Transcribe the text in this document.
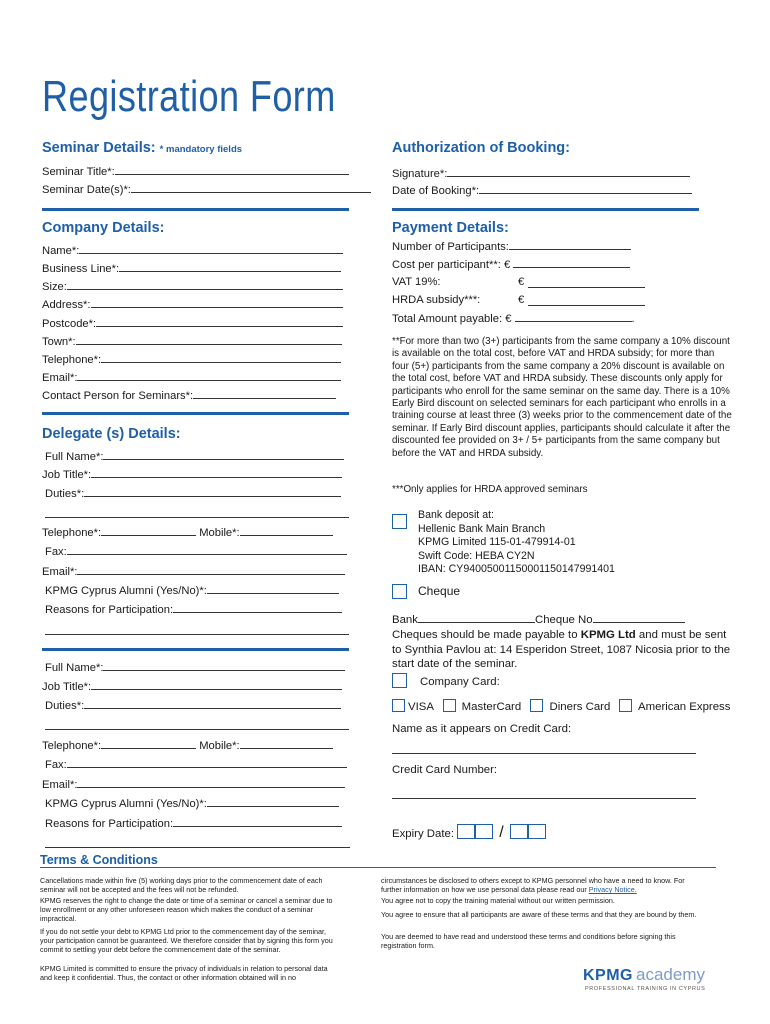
Registration Form
Seminar Details: * mandatory fields
Seminar Title*:
Seminar Date(s)*:
Authorization of Booking:
Signature*:
Date of Booking*:
Company Details:
Name*:
Business Line*:
Size:
Address*:
Postcode*:
Town*:
Telephone*:
Email*:
Contact Person for Seminars*:
Delegate (s) Details:
Full Name*:
Job Title*:
Duties*:
Telephone*:	Mobile*:
Fax:
Email*:
KPMG Cyprus Alumni (Yes/No)*:
Reasons for Participation:
Full Name*:
Job Title*:
Duties*:
Telephone*:	Mobile*:
Fax:
Email*:
KPMG Cyprus Alumni (Yes/No)*:
Reasons for Participation:
Payment Details:
Number of Participants:
Cost per participant**: €
VAT 19%:	€
HRDA subsidy***:	€
Total Amount payable: €	.
**For more than two (3+) participants from the same company a 10% discount is available on the total cost, before VAT and HRDA subsidy; for more than four (5+) participants from the same company a 20% discount is available on the total cost, before VAT and HRDA subsidy. These discounts only apply for participants who enroll for the same seminar on the same day. There is a 10% Early Bird discount on selected seminars for each participant who enrolls in a training course at least three (3) weeks prior to the commencement date of the seminar. If Early Bird discount applies, participants should calculate it after the discounted fee provided on 3+ / 5+ participants from the same company but before the VAT and HRDA subsidy.
***Only applies for HRDA approved seminars
Bank deposit at:
Hellenic Bank Main Branch
KPMG Limited 115-01-479914-01
Swift Code: HEBA CY2N
IBAN: CY94005001150001150147991401
Cheque
Bank	Cheque No
Cheques should be made payable to KPMG Ltd and must be sent to Synthia Pavlou at: 14 Esperidon Street, 1087 Nicosia prior to the start date of the seminar.
Company Card:
VISA MasterCard Diners Card American Express
Name as it appears on Credit Card:
Credit Card Number:
Expiry Date:	/
Terms & Conditions
Cancellations made within five (5) working days prior to the commencement date of each seminar will not be accepted and the fees will not be refunded.
KPMG reserves the right to change the date or time of a seminar or cancel a seminar due to low enrollment or any other unforeseen reason which makes the conduct of a seminar impractical.
If you do not settle your debt to KPMG Ltd prior to the commencement day of the seminar, your participation cannot be guaranteed. We therefore consider that by signing this form you commit to settling your debt before the commencement date of the seminar.
KPMG Limited is committed to ensure the privacy of individuals in relation to personal data and keep it confidential. Thus, the contact or other information obtained will in no
circumstances be disclosed to others except to KPMG personnel who have a need to know. For further information on how we use personal data please read our Privacy Notice.
You agree not to copy the training material without our written permission.
You agree to ensure that all participants are aware of these terms and that they are bound by them.
You are deemed to have read and understood these terms and conditions before signing this registration form.
KPMG academy
PROFESSIONAL TRAINING IN CYPRUS
